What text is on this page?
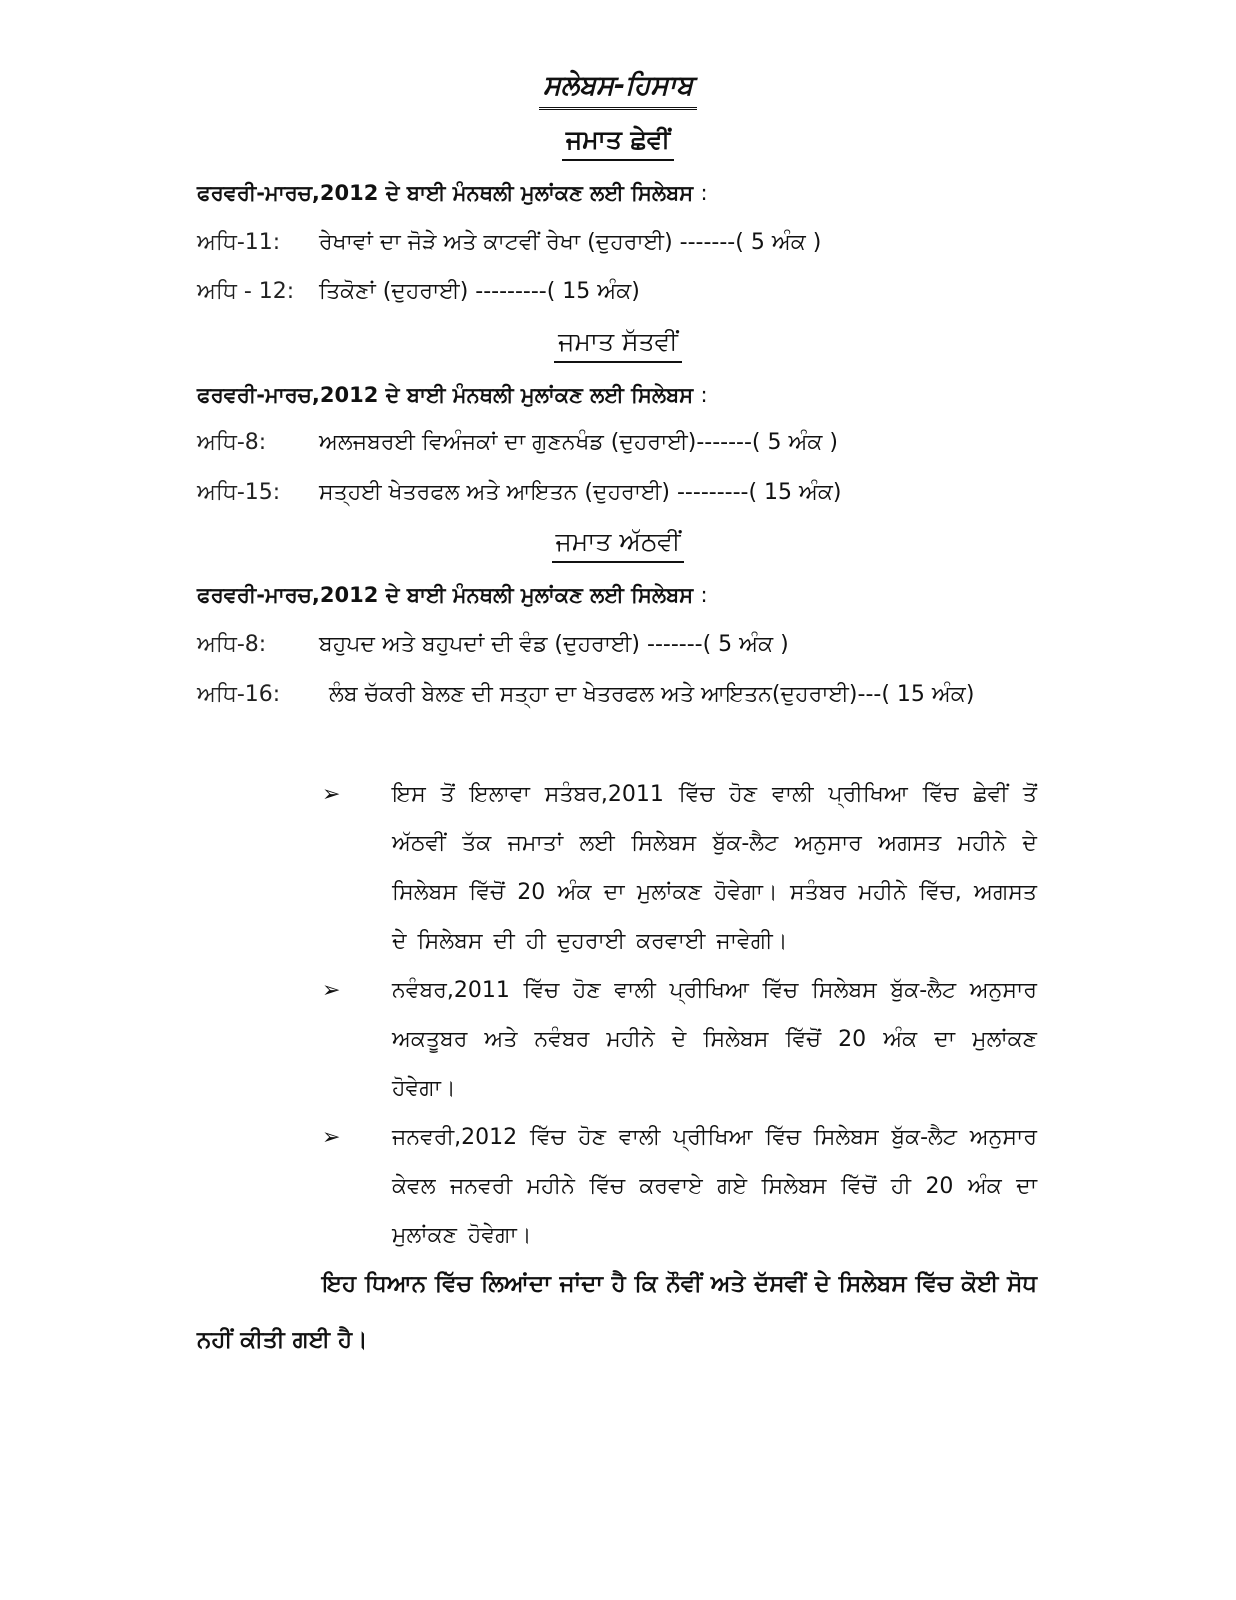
ਸਲੇਬਸ-ਹਿਸਾਬ
ਜਮਾਤ ਛੇਵੀਂ
ਫਰਵਰੀ-ਮਾਰਚ,2012 ਦੇ ਬਾਈ ਮੰਨਥਲੀ ਮੁਲਾਂਕਣ ਲਈ ਸਿਲੇਬਸ :
ਅਧਿ-11: ਰੇਖਾਵਾਂ ਦਾ ਜੋੜੇ ਅਤੇ ਕਾਟਵੀਂ ਰੇਖਾ (ਦੁਹਰਾਈ) -------( 5 ਅੰਕ )
ਅਧਿ - 12: ਤਿਕੋਣਾਂ (ਦੁਹਰਾਈ) ---------( 15 ਅੰਕ)
ਜਮਾਤ ਸੱਤਵੀਂ
ਫਰਵਰੀ-ਮਾਰਚ,2012 ਦੇ ਬਾਈ ਮੰਨਥਲੀ ਮੁਲਾਂਕਣ ਲਈ ਸਿਲੇਬਸ :
ਅਧਿ-8: ਅਲਜਬਰਈ ਵਿਅੰਜਕਾਂ ਦਾ ਗੁਣਨਖੰਡ (ਦੁਹਰਾਈ)-------( 5 ਅੰਕ )
ਅਧਿ-15: ਸਤ੍ਹਈ ਖੇਤਰਫਲ ਅਤੇ ਆਇਤਨ (ਦੁਹਰਾਈ) ---------( 15 ਅੰਕ)
ਜਮਾਤ ਅੱਠਵੀਂ
ਫਰਵਰੀ-ਮਾਰਚ,2012 ਦੇ ਬਾਈ ਮੰਨਥਲੀ ਮੁਲਾਂਕਣ ਲਈ ਸਿਲੇਬਸ :
ਅਧਿ-8: ਬਹੁਪਦ ਅਤੇ ਬਹੁਪਦਾਂ ਦੀ ਵੰਡ (ਦੁਹਰਾਈ) -------( 5 ਅੰਕ )
ਅਧਿ-16: ਲੰਬ ਚੱਕਰੀ ਬੇਲਣ ਦੀ ਸਤ੍ਹਾ ਦਾ ਖੇਤਰਫਲ ਅਤੇ ਆਇਤਨ(ਦੁਹਰਾਈ)---( 15 ਅੰਕ)
➢ ਇਸ ਤੋਂ ਇਲਾਵਾ ਸਤੰਬਰ,2011 ਵਿੱਚ ਹੋਣ ਵਾਲੀ ਪ੍ਰੀਖਿਆ ਵਿੱਚ ਛੇਵੀਂ ਤੋਂ ਅੱਠਵੀਂ ਤੱਕ ਜਮਾਤਾਂ ਲਈ ਸਿਲੇਬਸ ਬੁੱਕ-ਲੈਟ ਅਨੁਸਾਰ ਅਗਸਤ ਮਹੀਨੇ ਦੇ ਸਿਲੇਬਸ ਵਿੱਚੋਂ 20 ਅੰਕ ਦਾ ਮੁਲਾਂਕਣ ਹੋਵੇਗਾ। ਸਤੰਬਰ ਮਹੀਨੇ ਵਿੱਚ, ਅਗਸਤ ਦੇ ਸਿਲੇਬਸ ਦੀ ਹੀ ਦੁਹਰਾਈ ਕਰਵਾਈ ਜਾਵੇਗੀ।
➢ ਨਵੰਬਰ,2011 ਵਿੱਚ ਹੋਣ ਵਾਲੀ ਪ੍ਰੀਖਿਆ ਵਿੱਚ ਸਿਲੇਬਸ ਬੁੱਕ-ਲੈਟ ਅਨੁਸਾਰ ਅਕਤੂਬਰ ਅਤੇ ਨਵੰਬਰ ਮਹੀਨੇ ਦੇ ਸਿਲੇਬਸ ਵਿੱਚੋਂ 20 ਅੰਕ ਦਾ ਮੁਲਾਂਕਣ ਹੋਵੇਗਾ।
➢ ਜਨਵਰੀ,2012 ਵਿੱਚ ਹੋਣ ਵਾਲੀ ਪ੍ਰੀਖਿਆ ਵਿੱਚ ਸਿਲੇਬਸ ਬੁੱਕ-ਲੈਟ ਅਨੁਸਾਰ ਕੇਵਲ ਜਨਵਰੀ ਮਹੀਨੇ ਵਿੱਚ ਕਰਵਾਏ ਗਏ ਸਿਲੇਬਸ ਵਿੱਚੋਂ ਹੀ 20 ਅੰਕ ਦਾ ਮੁਲਾਂਕਣ ਹੋਵੇਗਾ।
ਇਹ ਧਿਆਨ ਵਿੱਚ ਲਿਆਂਦਾ ਜਾਂਦਾ ਹੈ ਕਿ ਨੌਵੀਂ ਅਤੇ ਦੱਸਵੀਂ ਦੇ ਸਿਲੇਬਸ ਵਿੱਚ ਕੋਈ ਸੋਧ ਨਹੀਂ ਕੀਤੀ ਗਈ ਹੈ।
